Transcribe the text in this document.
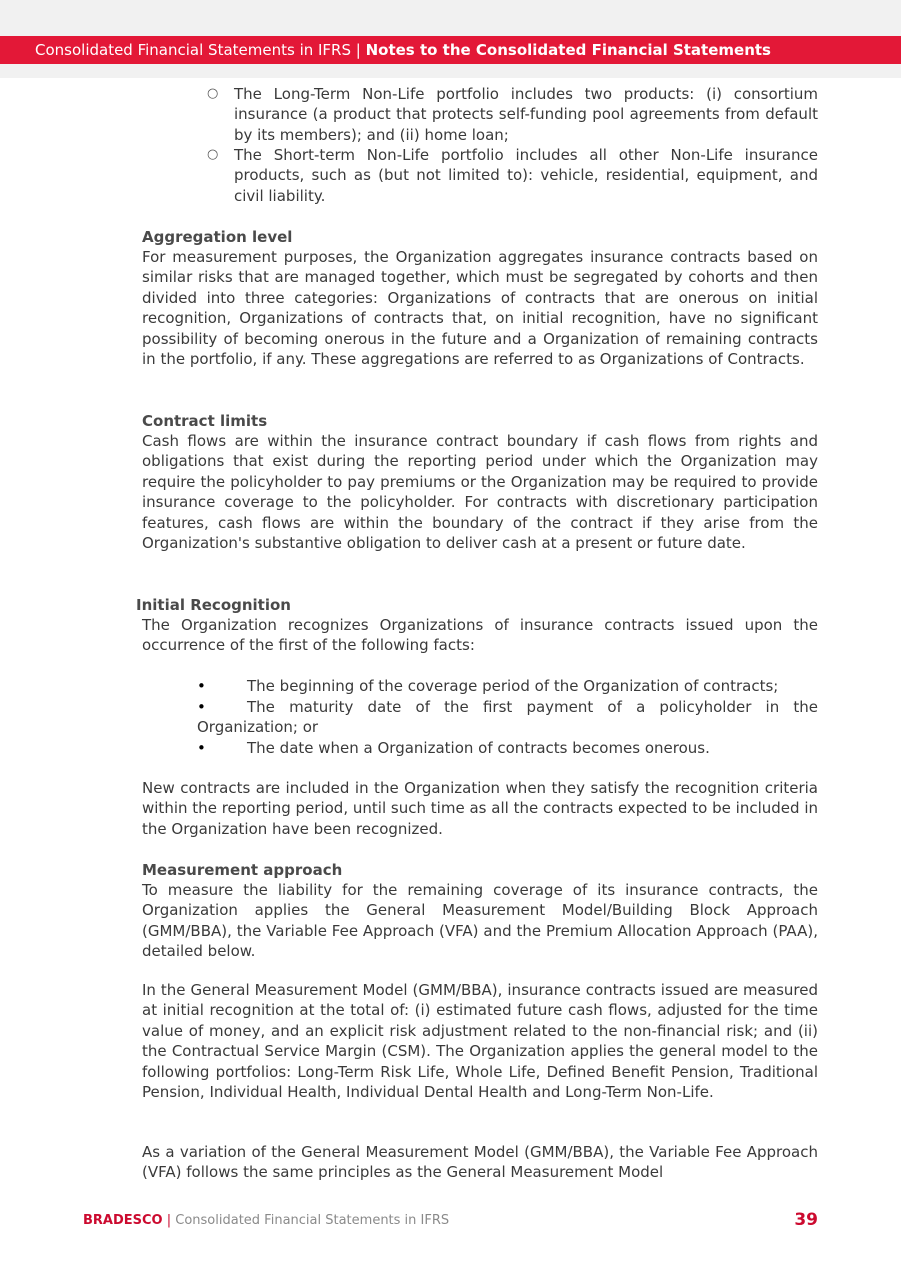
Consolidated Financial Statements in IFRS | Notes to the Consolidated Financial Statements
○ The Long-Term Non-Life portfolio includes two products: (i) consortium insurance (a product that protects self-funding pool agreements from default by its members); and (ii) home loan;
○ The Short-term Non-Life portfolio includes all other Non-Life insurance products, such as (but not limited to): vehicle, residential, equipment, and civil liability.
Aggregation level
For measurement purposes, the Organization aggregates insurance contracts based on similar risks that are managed together, which must be segregated by cohorts and then divided into three categories: Organizations of contracts that are onerous on initial recognition, Organizations of contracts that, on initial recognition, have no significant possibility of becoming onerous in the future and a Organization of remaining contracts in the portfolio, if any. These aggregations are referred to as Organizations of Contracts.
Contract limits
Cash flows are within the insurance contract boundary if cash flows from rights and obligations that exist during the reporting period under which the Organization may require the policyholder to pay premiums or the Organization may be required to provide insurance coverage to the policyholder. For contracts with discretionary participation features, cash flows are within the boundary of the contract if they arise from the Organization's substantive obligation to deliver cash at a present or future date.
Initial Recognition
The Organization recognizes Organizations of insurance contracts issued upon the occurrence of the first of the following facts:
•	The beginning of the coverage period of the Organization of contracts;
•	The maturity date of the first payment of a policyholder in the Organization; or
•	The date when a Organization of contracts becomes onerous.
New contracts are included in the Organization when they satisfy the recognition criteria within the reporting period, until such time as all the contracts expected to be included in the Organization have been recognized.
Measurement approach
To measure the liability for the remaining coverage of its insurance contracts, the Organization applies the General Measurement Model/Building Block Approach (GMM/BBA), the Variable Fee Approach (VFA) and the Premium Allocation Approach (PAA), detailed below.
In the General Measurement Model (GMM/BBA), insurance contracts issued are measured at initial recognition at the total of: (i) estimated future cash flows, adjusted for the time value of money, and an explicit risk adjustment related to the non-financial risk; and (ii) the Contractual Service Margin (CSM). The Organization applies the general model to the following portfolios: Long-Term Risk Life, Whole Life, Defined Benefit Pension, Traditional Pension, Individual Health, Individual Dental Health and Long-Term Non-Life.
As a variation of the General Measurement Model (GMM/BBA), the Variable Fee Approach (VFA) follows the same principles as the General Measurement Model
BRADESCO | Consolidated Financial Statements in IFRS	39
